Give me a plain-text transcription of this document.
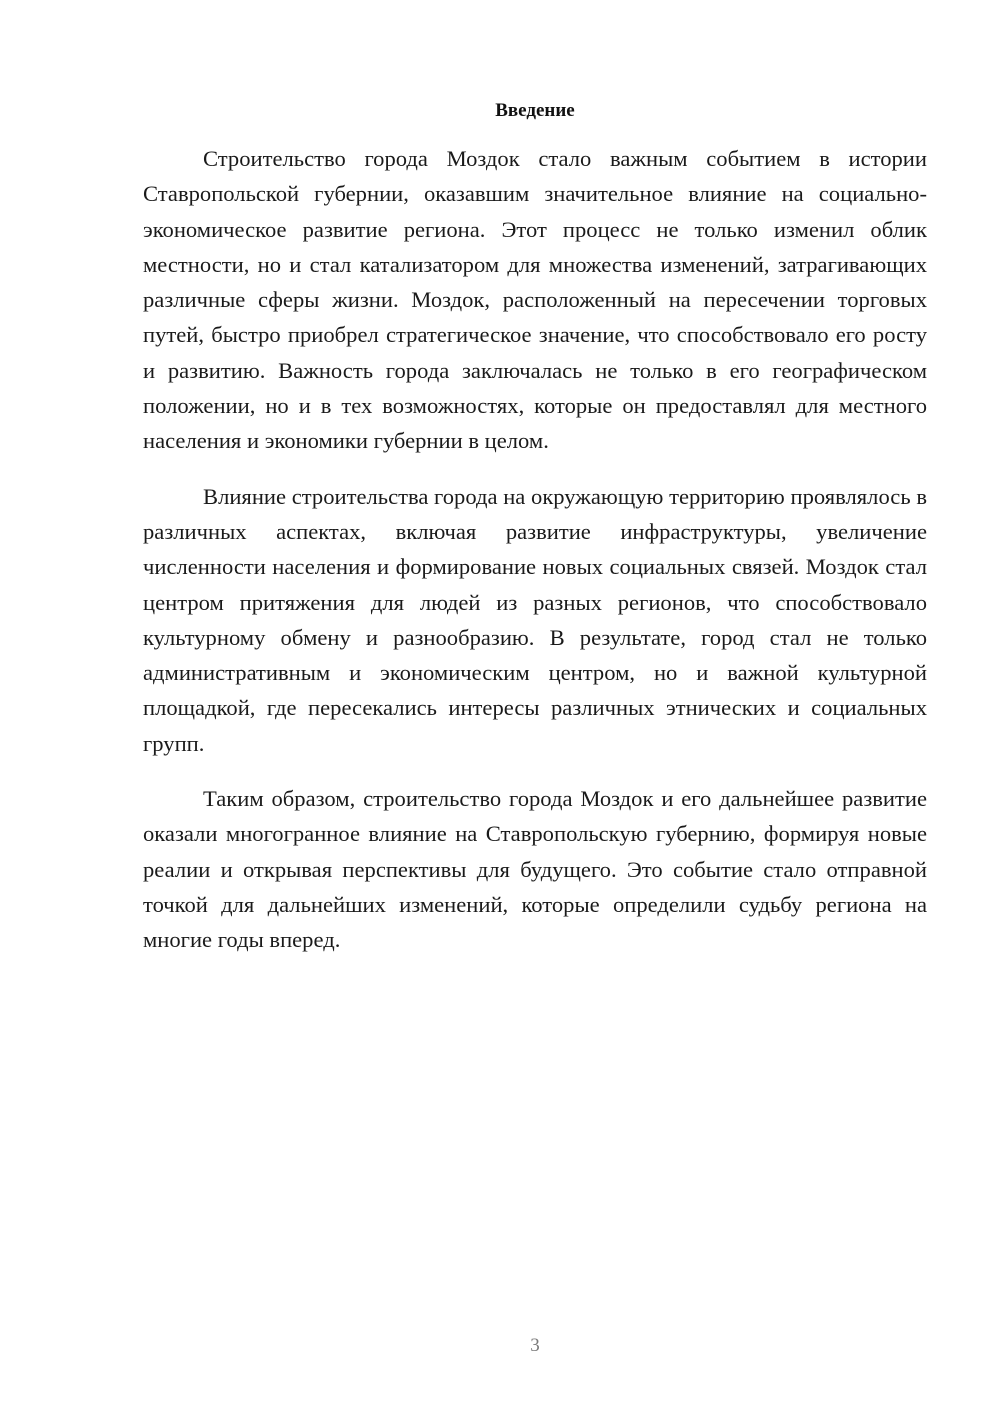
Введение

Строительство города Моздок стало важным событием в истории Ставропольской губернии, оказавшим значительное влияние на социально-экономическое развитие региона. Этот процесс не только изменил облик местности, но и стал катализатором для множества изменений, затрагивающих различные сферы жизни. Моздок, расположенный на пересечении торговых путей, быстро приобрел стратегическое значение, что способствовало его росту и развитию. Важность города заключалась не только в его географическом положении, но и в тех возможностях, которые он предоставлял для местного населения и экономики губернии в целом.

Влияние строительства города на окружающую территорию проявлялось в различных аспектах, включая развитие инфраструктуры, увеличение численности населения и формирование новых социальных связей. Моздок стал центром притяжения для людей из разных регионов, что способствовало культурному обмену и разнообразию. В результате, город стал не только административным и экономическим центром, но и важной культурной площадкой, где пересекались интересы различных этнических и социальных групп.

Таким образом, строительство города Моздок и его дальнейшее развитие оказали многогранное влияние на Ставропольскую губернию, формируя новые реалии и открывая перспективы для будущего. Это событие стало отправной точкой для дальнейших изменений, которые определили судьбу региона на многие годы вперед.

3
